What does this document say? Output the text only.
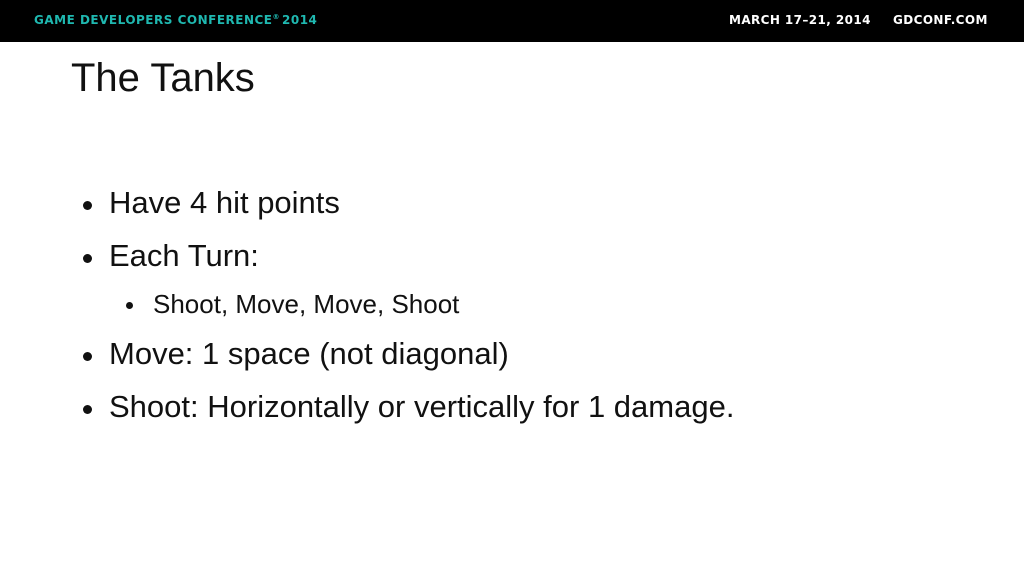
GAME DEVELOPERS CONFERENCE® 2014	MARCH 17–21, 2014 GDCONF.COM
The Tanks
Have 4 hit points
Each Turn:
Shoot, Move, Move, Shoot
Move: 1 space (not diagonal)
Shoot: Horizontally or vertically for 1 damage.
